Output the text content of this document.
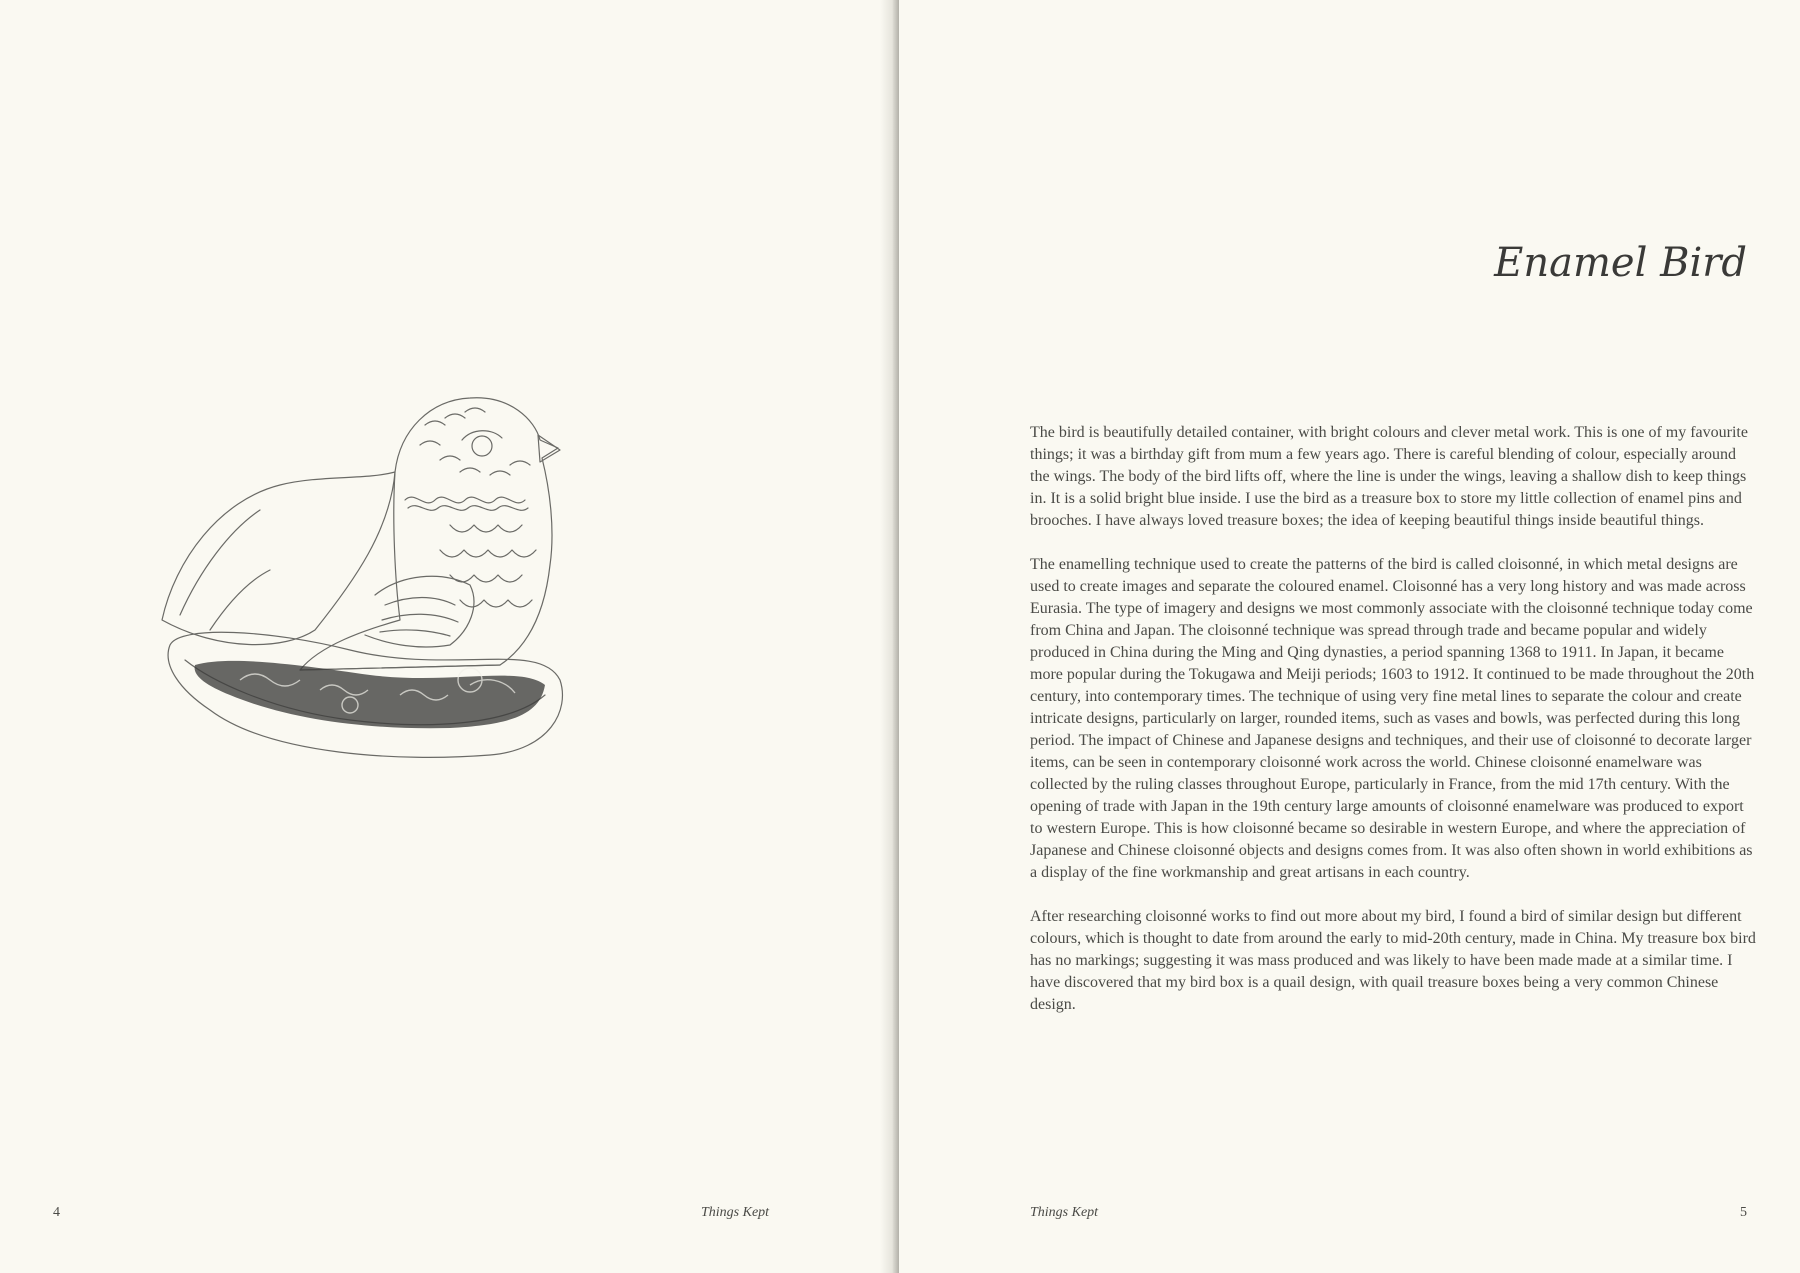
4	Things Kept
Enamel Bird

The bird is beautifully detailed container, with bright colours and clever metal work. This is one of my favourite things; it was a birthday gift from mum a few years ago. There is careful blending of colour, especially around the wings. The body of the bird lifts off, where the line is under the wings, leaving a shallow dish to keep things in. It is a solid bright blue inside. I use the bird as a treasure box to store my little collection of enamel pins and brooches. I have always loved treasure boxes; the idea of keeping beautiful things inside beautiful things.

The enamelling technique used to create the patterns of the bird is called cloisonné, in which metal designs are used to create images and separate the coloured enamel. Cloisonné has a very long history and was made across Eurasia. The type of imagery and designs we most commonly associate with the cloisonné technique today come from China and Japan. The cloisonné technique was spread through trade and became popular and widely produced in China during the Ming and Qing dynasties, a period spanning 1368 to 1911. In Japan, it became more popular during the Tokugawa and Meiji periods; 1603 to 1912. It continued to be made throughout the 20th century, into contemporary times. The technique of using very fine metal lines to separate the colour and create intricate designs, particularly on larger, rounded items, such as vases and bowls, was perfected during this long period. The impact of Chinese and Japanese designs and techniques, and their use of cloisonné to decorate larger items, can be seen in contemporary cloisonné work across the world. Chinese cloisonné enamelware was collected by the ruling classes throughout Europe, particularly in France, from the mid 17th century. With the opening of trade with Japan in the 19th century large amounts of cloisonné enamelware was produced to export to western Europe. This is how cloisonné became so desirable in western Europe, and where the appreciation of Japanese and Chinese cloisonné objects and designs comes from. It was also often shown in world exhibitions as a display of the fine workmanship and great artisans in each country.

After researching cloisonné works to find out more about my bird, I found a bird of similar design but different colours, which is thought to date from around the early to mid-20th century, made in China. My treasure box bird has no markings; suggesting it was mass produced and was likely to have been made made at a similar time. I have discovered that my bird box is a quail design, with quail treasure boxes being a very common Chinese design.

Things Kept	5
